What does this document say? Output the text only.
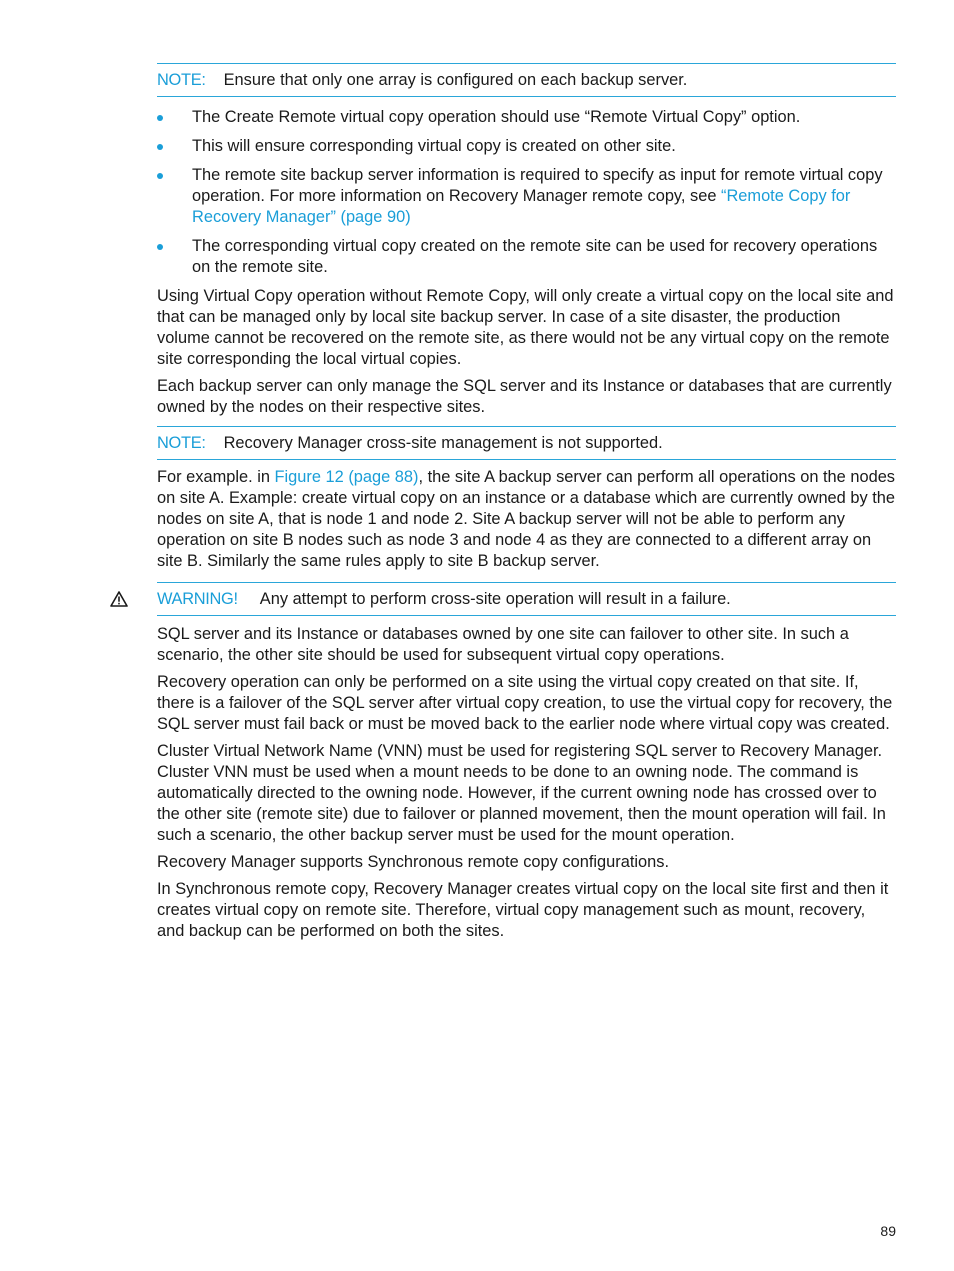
NOTE: Ensure that only one array is configured on each backup server.
The Create Remote virtual copy operation should use “Remote Virtual Copy” option.
This will ensure corresponding virtual copy is created on other site.
The remote site backup server information is required to specify as input for remote virtual copy operation. For more information on Recovery Manager remote copy, see “Remote Copy for Recovery Manager” (page 90)
The corresponding virtual copy created on the remote site can be used for recovery operations on the remote site.

Using Virtual Copy operation without Remote Copy, will only create a virtual copy on the local site and that can be managed only by local site backup server. In case of a site disaster, the production volume cannot be recovered on the remote site, as there would not be any virtual copy on the remote site corresponding the local virtual copies.

Each backup server can only manage the SQL server and its Instance or databases that are currently owned by the nodes on their respective sites.

NOTE: Recovery Manager cross-site management is not supported.

For example. in Figure 12 (page 88), the site A backup server can perform all operations on the nodes on site A. Example: create virtual copy on an instance or a database which are currently owned by the nodes on site A, that is node 1 and node 2. Site A backup server will not be able to perform any operation on site B nodes such as node 3 and node 4 as they are connected to a different array on site B. Similarly the same rules apply to site B backup server.

WARNING! Any attempt to perform cross-site operation will result in a failure.

SQL server and its Instance or databases owned by one site can failover to other site. In such a scenario, the other site should be used for subsequent virtual copy operations.

Recovery operation can only be performed on a site using the virtual copy created on that site. If, there is a failover of the SQL server after virtual copy creation, to use the virtual copy for recovery, the SQL server must fail back or must be moved back to the earlier node where virtual copy was created.

Cluster Virtual Network Name (VNN) must be used for registering SQL server to Recovery Manager. Cluster VNN must be used when a mount needs to be done to an owning node. The command is automatically directed to the owning node. However, if the current owning node has crossed over to the other site (remote site) due to failover or planned movement, then the mount operation will fail. In such a scenario, the other backup server must be used for the mount operation.

Recovery Manager supports Synchronous remote copy configurations.

In Synchronous remote copy, Recovery Manager creates virtual copy on the local site first and then it creates virtual copy on remote site. Therefore, virtual copy management such as mount, recovery, and backup can be performed on both the sites.

89
